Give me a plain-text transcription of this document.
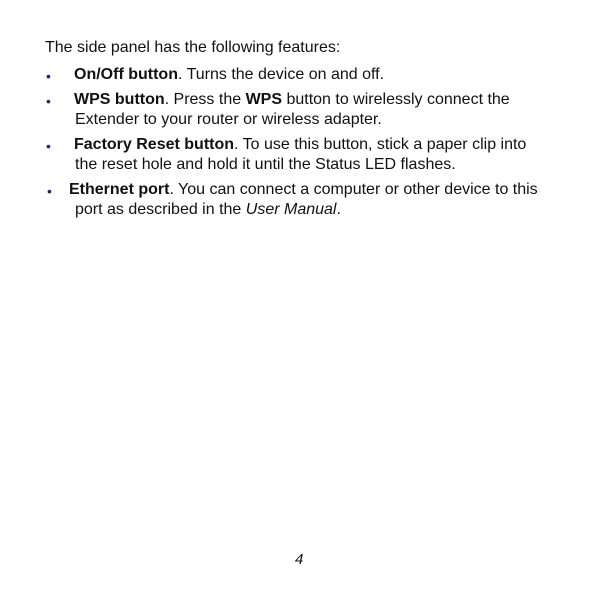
The side panel has the following features:
• On/Off button. Turns the device on and off.
• WPS button. Press the WPS button to wirelessly connect the
Extender to your router or wireless adapter.
• Factory Reset button. To use this button, stick a paper clip into
the reset hole and hold it until the Status LED flashes.
• Ethernet port. You can connect a computer or other device to this
port as described in the User Manual.
4
